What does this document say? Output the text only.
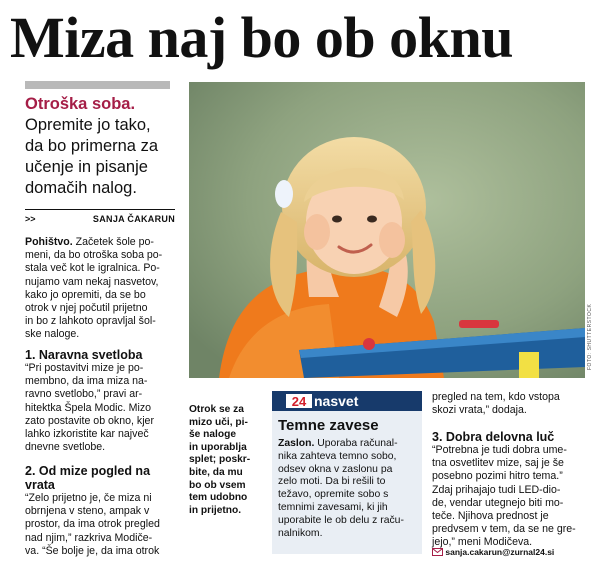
Miza naj bo ob oknu
Otroška soba.
Opremite jo tako,
da bo primerna za
učenje in pisanje
domačih nalog.
>>	SANJA ČAKARUN
Pohištvo. Začetek šole po-
meni, da bo otroška soba po-
stala več kot le igralnica. Po-
nujamo vam nekaj nasvetov,
kako jo opremiti, da se bo
otrok v njej počutil prijetno
in bo z lahkoto opravljal šol-
ske naloge.
1. Naravna svetloba
“Pri postavitvi mize je po-
membno, da ima miza na-
ravno svetlobo,” pravi ar-
hitektka Špela Modic. Mizo
zato postavite ob okno, kjer
lahko izkoristite kar največ
dnevne svetlobe.
2. Od mize pogled na
vrata
“Zelo prijetno je, če miza ni
obrnjena v steno, ampak v
prostor, da ima otrok pregled
nad njim,” razkriva Modiče-
va. “Še bolje je, da ima otrok
FOTO: SHUTTERSTOCK
Otrok se za
mizo uči, pi-
še naloge
in uporablja
splet; poskr-
bite, da mu
bo ob vsem
tem udobno
in prijetno.
24 nasvet
Temne zavese
Zaslon. Uporaba računal-
nika zahteva temno sobo,
odsev okna v zaslonu pa
zelo moti. Da bi rešili to
težavo, opremite sobo s
temnimi zavesami, ki jih
uporabite le ob delu z raču-
nalnikom.
pregled na tem, kdo vstopa
skozi vrata,” dodaja.
3. Dobra delovna luč
“Potrebna je tudi dobra ume-
tna osvetlitev mize, saj je še
posebno pozimi hitro tema.”
Zdaj prihajajo tudi LED-dio-
de, vendar utegnejo biti mo-
teče. Njihova prednost je
predvsem v tem, da se ne gre-
jejo,” meni Modičeva.
sanja.cakarun@zurnal24.si
